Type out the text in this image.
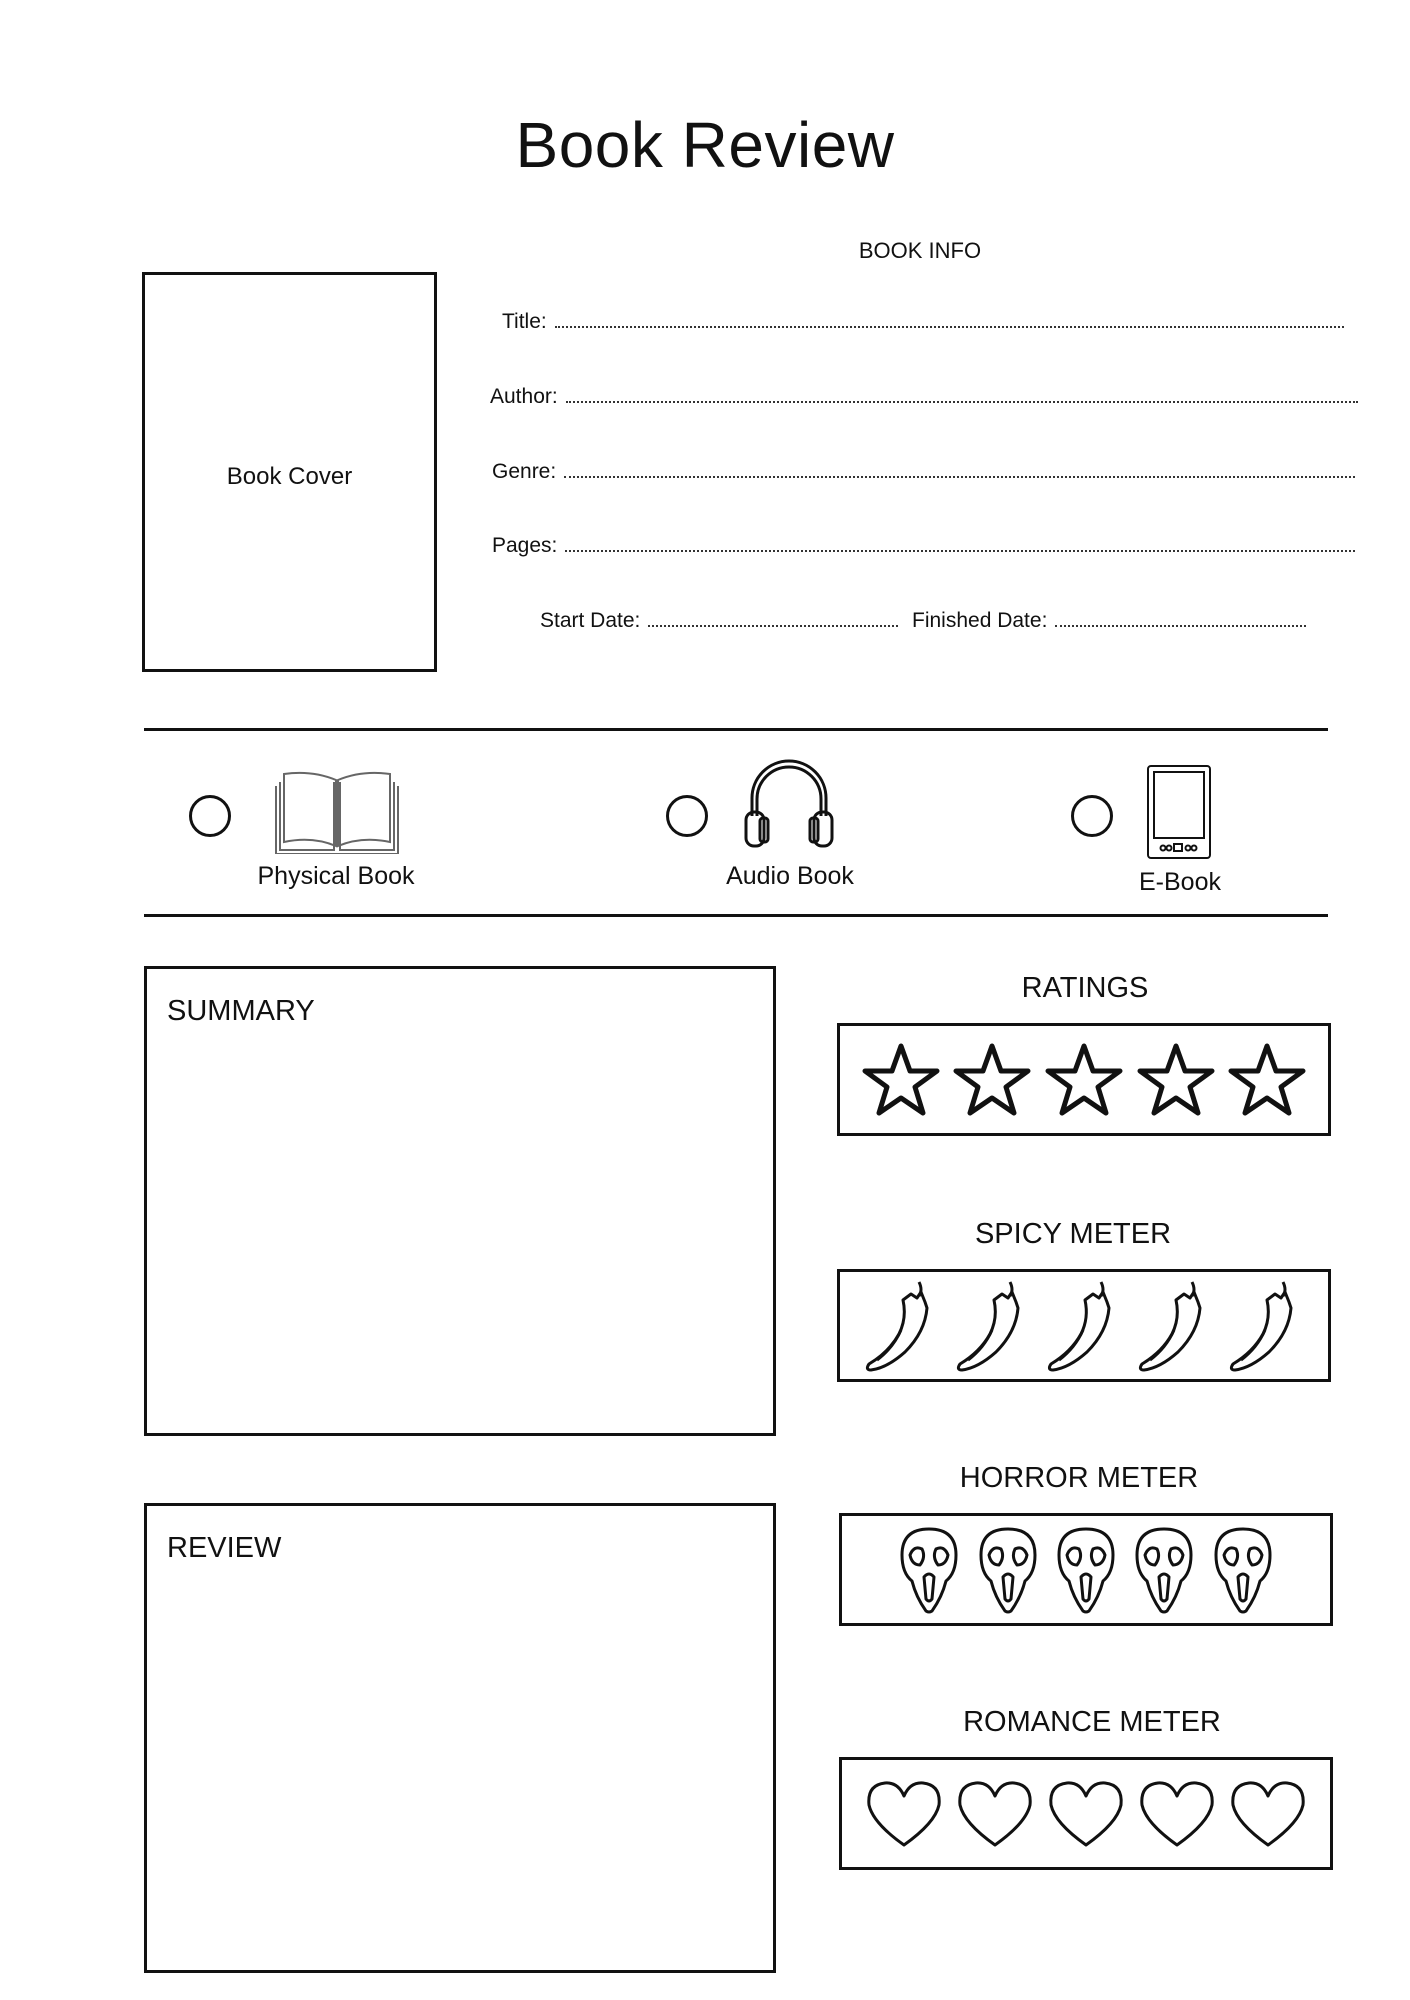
Book Review
BOOK INFO
Book Cover
Title:
Author:
Genre:
Pages:
Start Date:	Finished Date:
Physical Book	Audio Book	E-Book
SUMMARY
REVIEW
RATINGS
SPICY METER
HORROR METER
ROMANCE METER
